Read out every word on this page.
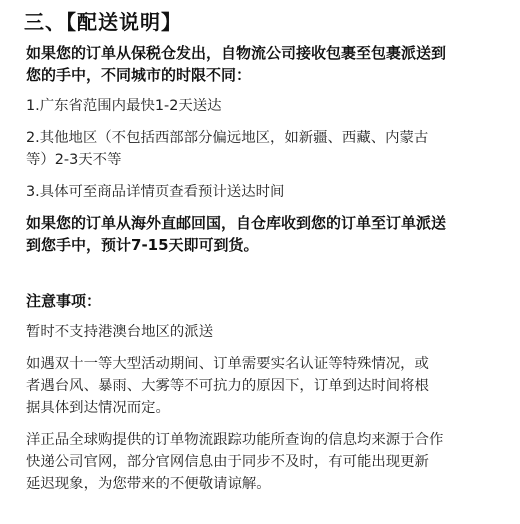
三、【配送说明】

如果您的订单从保税仓发出，自物流公司接收包裹至包裹派送到

您的手中，不同城市的时限不同：

1.广东省范围内最快1-2天送达

2.其他地区（不包括西部部分偏远地区，如新疆、西藏、内蒙古

等）2-3天不等

3.具体可至商品详情页查看预计送达时间

如果您的订单从海外直邮回国，自仓库收到您的订单至订单派送

到您手中，预计7-15天即可到货。

注意事项：

暂时不支持港澳台地区的派送

如遇双十一等大型活动期间、订单需要实名认证等特殊情况，或

者遇台风、暴雨、大雾等不可抗力的原因下，订单到达时间将根

据具体到达情况而定。

洋正品全球购提供的订单物流跟踪功能所查询的信息均来源于合作

快递公司官网，部分官网信息由于同步不及时，有可能出现更新

延迟现象，为您带来的不便敬请谅解。
